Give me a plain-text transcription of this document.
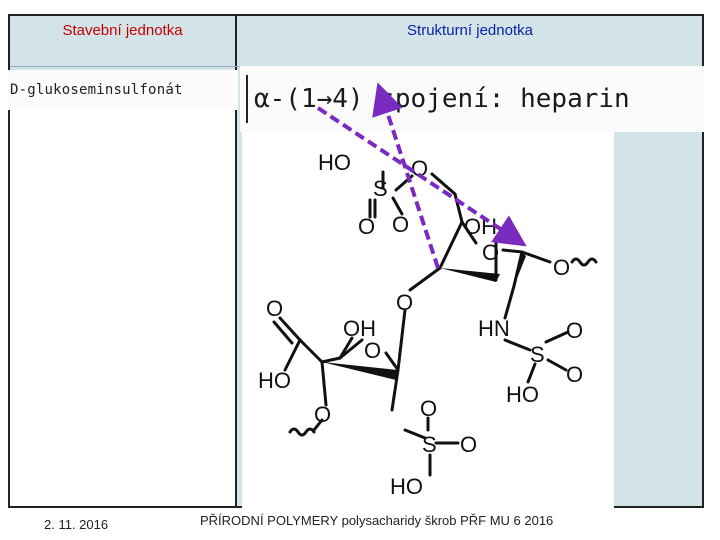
Stavební jednotka	Strukturní jednotka
D-glukoseminsulfonát	α-(1→4) spojení: heparin
HO
S
O
O O OH
O
O
O
OH
O
HN
S
O
O
HO
O
HO
O
S
O
O
HO
2. 11. 2016	PŘÍRODNÍ POLYMERY polysacharidy škrob PŘF MU 6 2016
